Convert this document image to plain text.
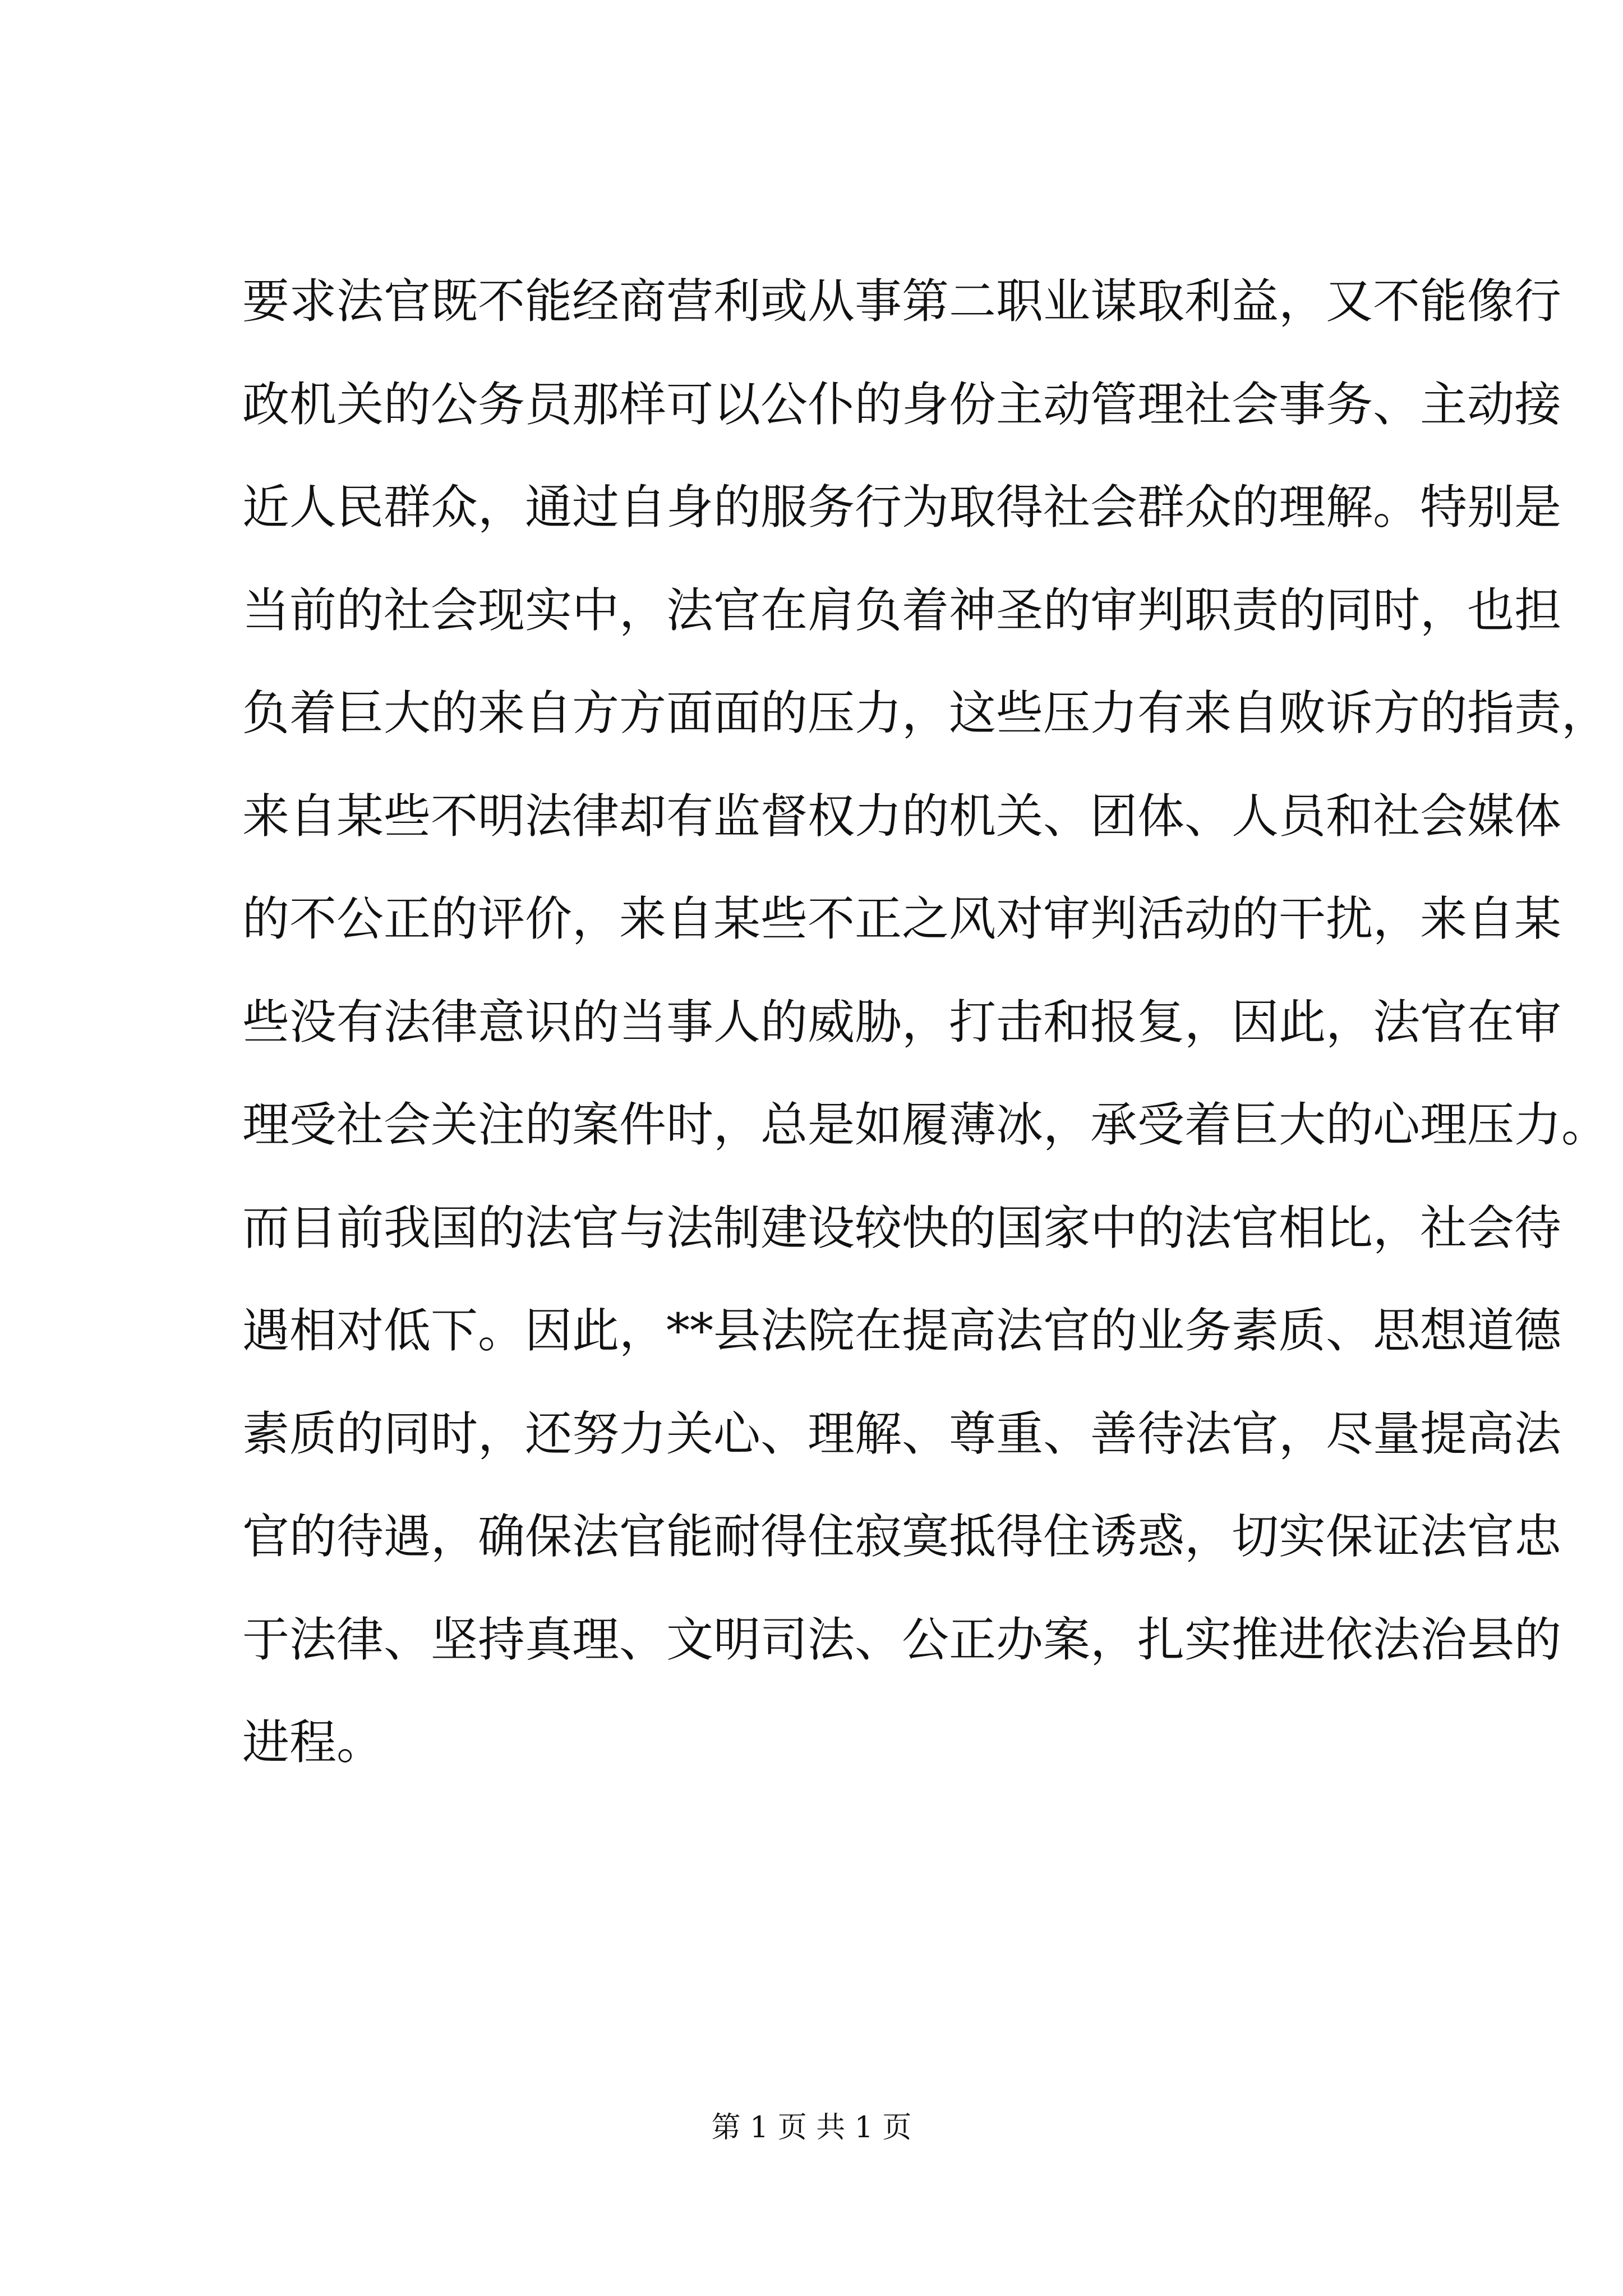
要求法官既不能经商营利或从事第二职业谋取利益，又不能像行
政机关的公务员那样可以公仆的身份主动管理社会事务、主动接
近人民群众，通过自身的服务行为取得社会群众的理解。特别是
当前的社会现实中，法官在肩负着神圣的审判职责的同时，也担
负着巨大的来自方方面面的压力，这些压力有来自败诉方的指责，
来自某些不明法律却有监督权力的机关、团体、人员和社会媒体
的不公正的评价，来自某些不正之风对审判活动的干扰，来自某
些没有法律意识的当事人的威胁，打击和报复，因此，法官在审
理受社会关注的案件时，总是如履薄冰，承受着巨大的心理压力。
而目前我国的法官与法制建设较快的国家中的法官相比，社会待
遇相对低下。因此，**县法院在提高法官的业务素质、思想道德
素质的同时，还努力关心、理解、尊重、善待法官，尽量提高法
官的待遇，确保法官能耐得住寂寞抵得住诱惑，切实保证法官忠
于法律、坚持真理、文明司法、公正办案，扎实推进依法治县的
进程。
第 1 页 共 1 页
